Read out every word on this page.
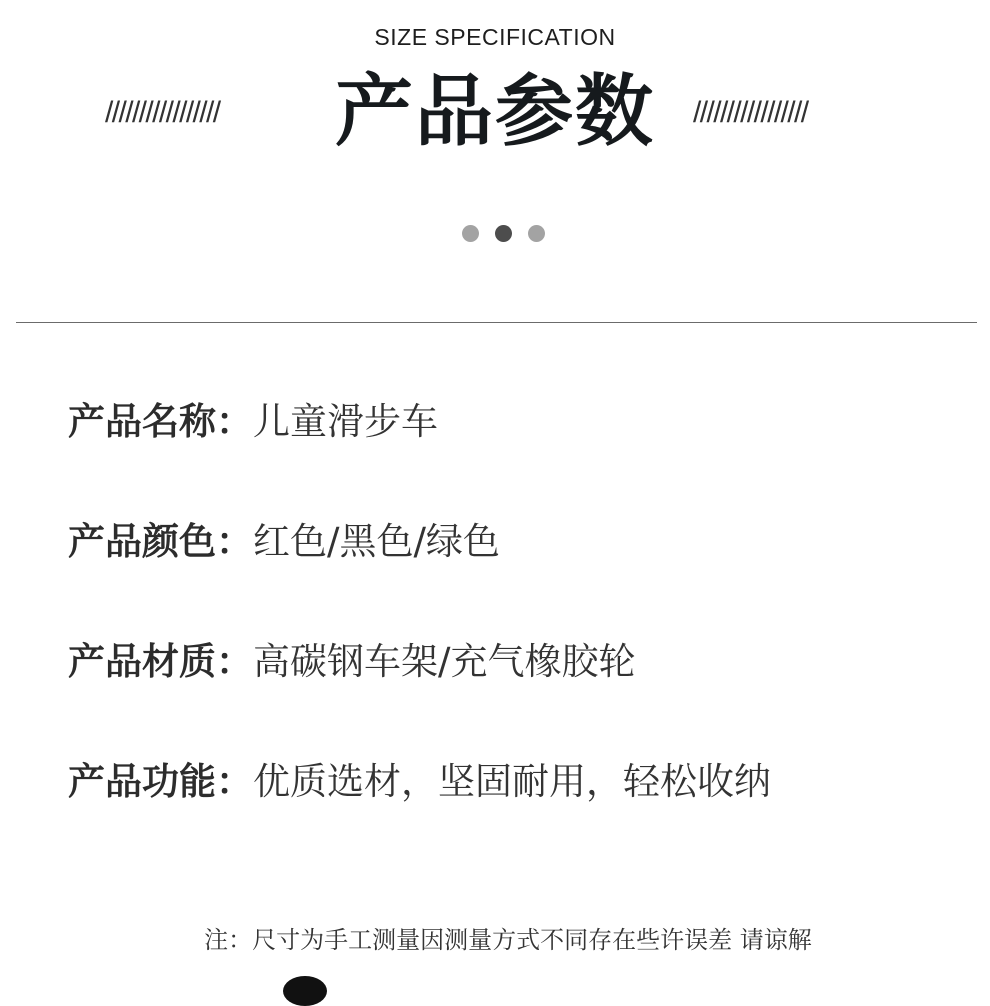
SIZE SPECIFICATION
/////////////////	产品参数	/////////////////
产品名称：儿童滑步车
产品颜色：红色/黑色/绿色
产品材质：高碳钢车架/充气橡胶轮
产品功能：优质选材，坚固耐用，轻松收纳
注：尺寸为手工测量因测量方式不同存在些许误差 请谅解
